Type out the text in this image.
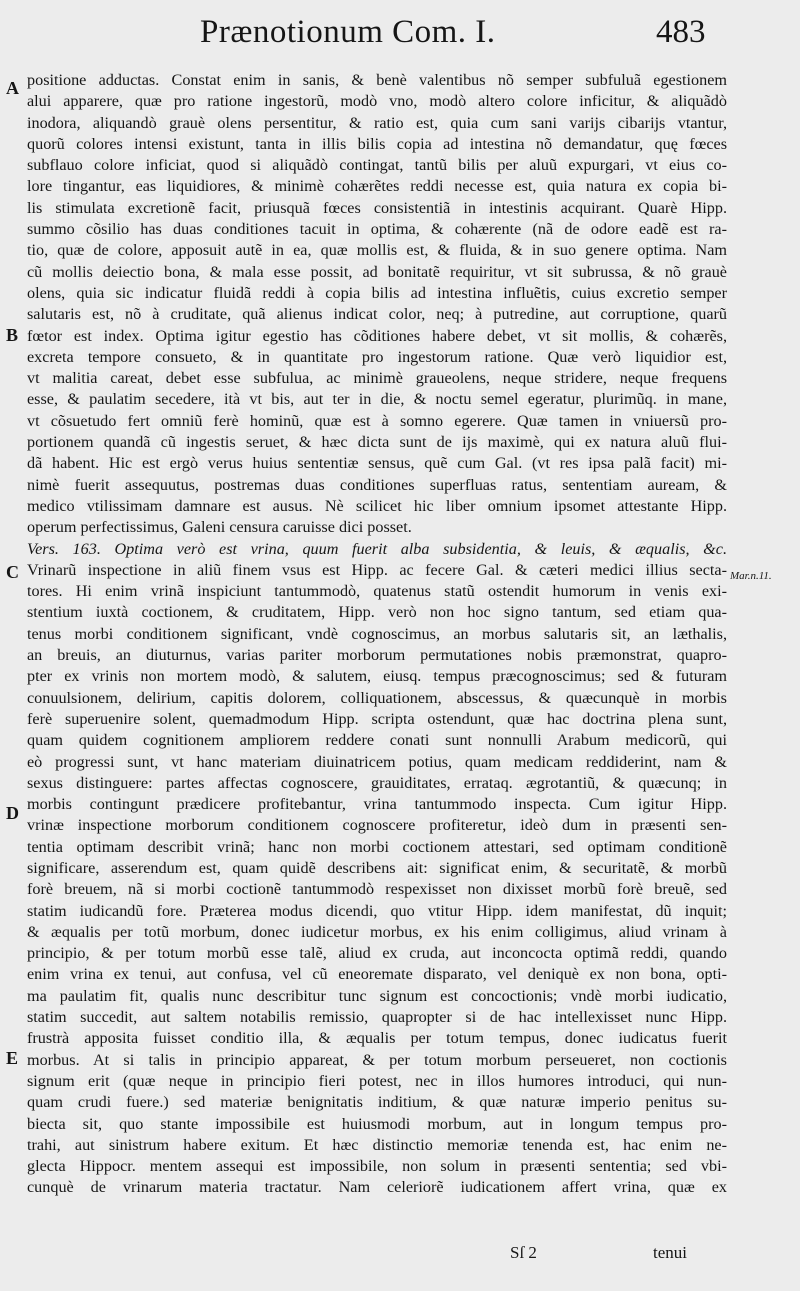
Prænotionum Com. I.	483
A
B
C
D
E
Mar.n.11.
positione adductas. Constat enim in sanis, & benè valentibus nõ semper subfuluã egestionem
alui apparere, quæ pro ratione ingestorũ, modò vno, modò altero colore inficitur, & aliquãdò
inodora, aliquandò grauè olens persentitur, & ratio est, quia cum sani varijs cibarijs vtantur,
quorũ colores intensi existunt, tanta in illis bilis copia ad intestina nõ demandatur, quę fœces
subflauo colore inficiat, quod si aliquãdò contingat, tantũ bilis per aluũ expurgari, vt eius co-
lore tingantur, eas liquidiores, & minimè cohærẽtes reddi necesse est, quia natura ex copia bi-
lis stimulata excretionẽ facit, priusquã fœces consistentiã in intestinis acquirant. Quarè Hipp.
summo cõsilio has duas conditiones tacuit in optima, & cohærente (nã de odore eadẽ est ra-
tio, quæ de colore, apposuit autẽ in ea, quæ mollis est, & fluida, & in suo genere optima. Nam
cũ mollis deiectio bona, & mala esse possit, ad bonitatẽ requiritur, vt sit subrussa, & nõ grauè
olens, quia sic indicatur fluidã reddi à copia bilis ad intestina influẽtis, cuius excretio semper
salutaris est, nõ à cruditate, quã alienus indicat color, neq; à putredine, aut corruptione, quarũ
fœtor est index. Optima igitur egestio has cõditiones habere debet, vt sit mollis, & cohærẽs,
excreta tempore consueto, & in quantitate pro ingestorum ratione. Quæ verò liquidior est,
vt malitia careat, debet esse subfulua, ac minimè graueolens, neque stridere, neque frequens
esse, & paulatim secedere, ità vt bis, aut ter in die, & noctu semel egeratur, plurimũq. in mane,
vt cõsuetudo fert omniũ ferè hominũ, quæ est à somno egerere. Quæ tamen in vniuersũ pro-
portionem quandã cũ ingestis seruet, & hæc dicta sunt de ijs maximè, qui ex natura aluũ flui-
dã habent. Hic est ergò verus huius sententiæ sensus, quẽ cum Gal. (vt res ipsa palã facit) mi-
nimè fuerit assequutus, postremas duas conditiones superfluas ratus, sententiam auream, &
medico vtilissimam damnare est ausus. Nè scilicet hic liber omnium ipsomet attestante Hipp.
operum perfectissimus, Galeni censura caruisse dici posset.
Vers. 163. Optima verò est vrina, quum fuerit alba subsidentia, & leuis, & æqualis, &c.
Vrinarũ inspectione in aliũ finem vsus est Hipp. ac fecere Gal. & cæteri medici illius secta-
tores. Hi enim vrinã inspiciunt tantummodò, quatenus statũ ostendit humorum in venis exi-
stentium iuxtà coctionem, & cruditatem, Hipp. verò non hoc signo tantum, sed etiam qua-
tenus morbi conditionem significant, vndè cognoscimus, an morbus salutaris sit, an læthalis,
an breuis, an diuturnus, varias pariter morborum permutationes nobis præmonstrat, quapro-
pter ex vrinis non mortem modò, & salutem, eiusq. tempus præcognoscimus; sed & futuram
conuulsionem, delirium, capitis dolorem, colliquationem, abscessus, & quæcunquè in morbis
ferè superuenire solent, quemadmodum Hipp. scripta ostendunt, quæ hac doctrina plena sunt,
quam quidem cognitionem ampliorem reddere conati sunt nonnulli Arabum medicorũ, qui
eò progressi sunt, vt hanc materiam diuinatricem potius, quam medicam reddiderint, nam &
sexus distinguere: partes affectas cognoscere, grauiditates, errataq. ægrotantiũ, & quæcunq; in
morbis contingunt prædicere profitebantur, vrina tantummodo inspecta. Cum igitur Hipp.
vrinæ inspectione morborum conditionem cognoscere profiteretur, ideò dum in præsenti sen-
tentia optimam describit vrinã; hanc non morbi coctionem attestari, sed optimam conditionẽ
significare, asserendum est, quam quidẽ describens ait: significat enim, & securitatẽ, & morbũ
forè breuem, nã si morbi coctionẽ tantummodò respexisset non dixisset morbũ forè breuẽ, sed
statim iudicandũ fore. Præterea modus dicendi, quo vtitur Hipp. idem manifestat, dũ inquit;
& æqualis per totũ morbum, donec iudicetur morbus, ex his enim colligimus, aliud vrinam à
principio, & per totum morbũ esse talẽ, aliud ex cruda, aut inconcocta optimã reddi, quando
enim vrina ex tenui, aut confusa, vel cũ eneoremate disparato, vel deniquè ex non bona, opti-
ma paulatim fit, qualis nunc describitur tunc signum est concoctionis; vndè morbi iudicatio,
statim succedit, aut saltem notabilis remissio, quapropter si de hac intellexisset nunc Hipp.
frustrà apposita fuisset conditio illa, & æqualis per totum tempus, donec iudicatus fuerit
morbus. At si talis in principio appareat, & per totum morbum perseueret, non coctionis
signum erit (quæ neque in principio fieri potest, nec in illos humores introduci, qui nun-
quam crudi fuere.) sed materiæ benignitatis inditium, & quæ naturæ imperio penitus su-
biecta sit, quo stante impossibile est huiusmodi morbum, aut in longum tempus pro-
trahi, aut sinistrum habere exitum. Et hæc distinctio memoriæ tenenda est, hac enim ne-
glecta Hippocr. mentem assequi est impossibile, non solum in præsenti sententia; sed vbi-
cunquè de vrinarum materia tractatur. Nam celeriorẽ iudicationem affert vrina, quæ ex
Sſ 2	tenui
